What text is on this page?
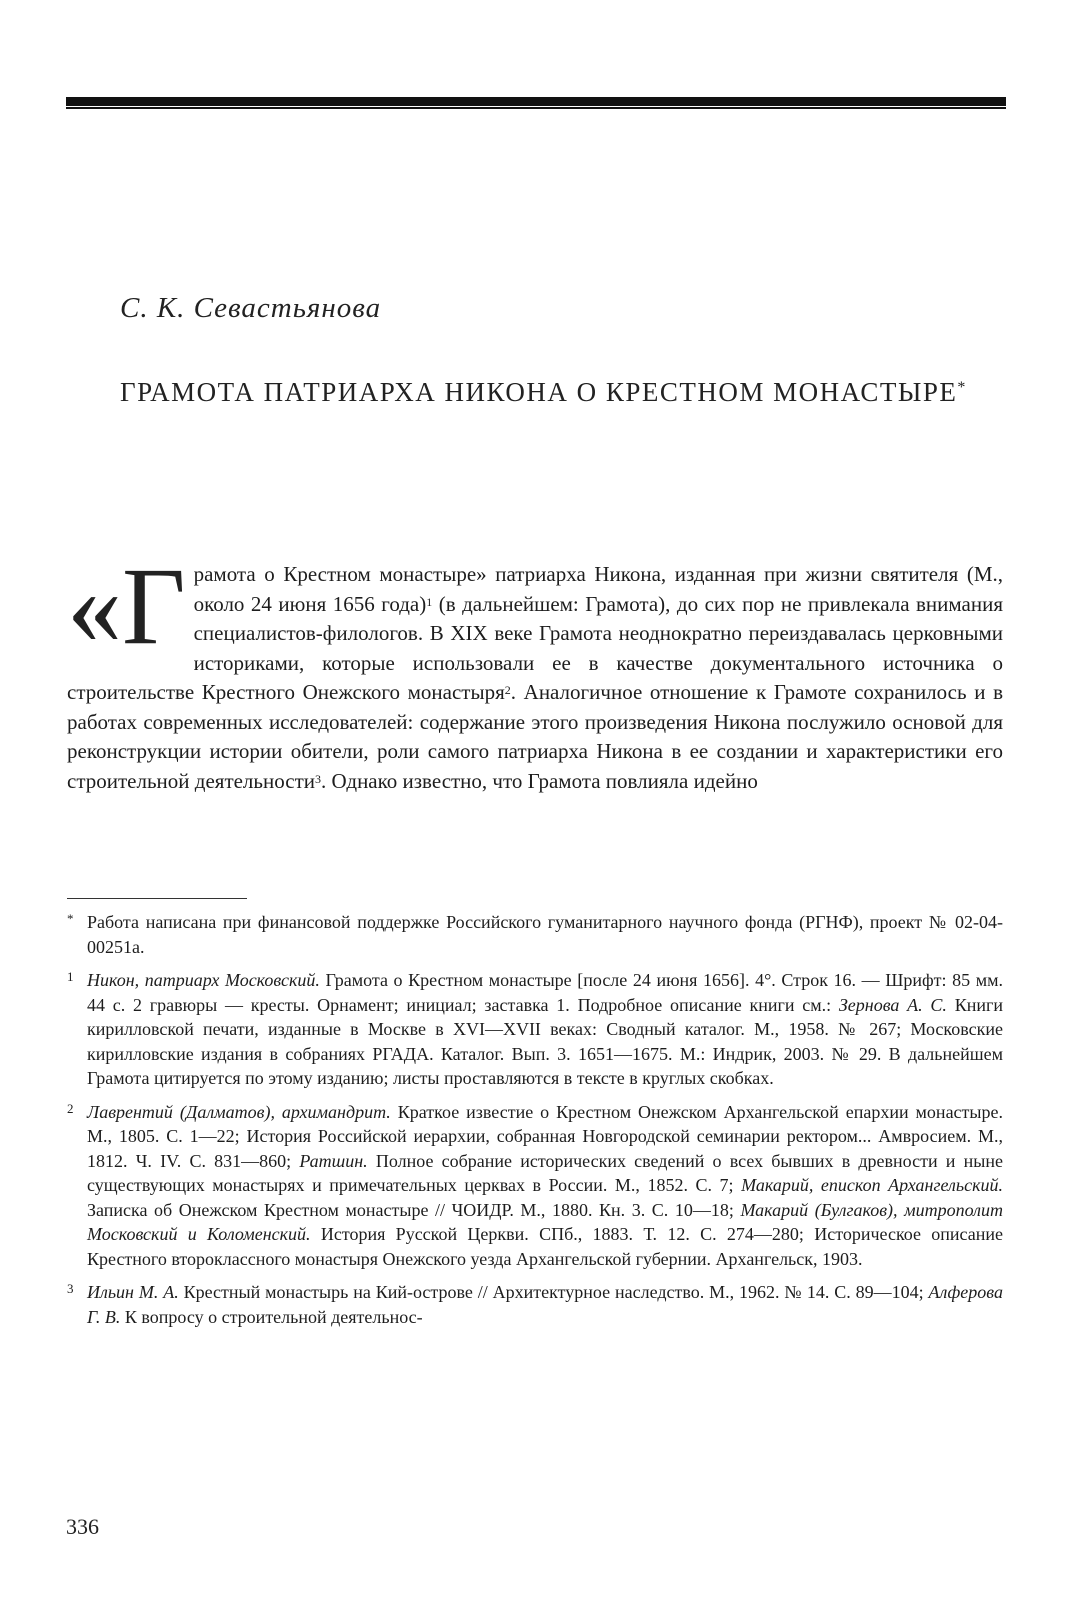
С. К. Севастьянова
ГРАМОТА ПАТРИАРХА НИКОНА О КРЕСТНОМ МОНАСТЫРЕ*
«Грамота о Крестном монастыре» патриарха Никона, изданная при жизни святителя (М., около 24 июня 1656 года)$^1$ (в дальнейшем: Грамота), до сих пор не привлекала внимания специалистов-филологов. В XIX веке Грамота неоднократно переиздавалась церковными историками, которые использовали ее в качестве документального источника о строительстве Крестного Онежского монастыря$^2$. Аналогичное отношение к Грамоте сохранилось и в работах современных исследователей: содержание этого произведения Никона послужило основой для реконструкции истории обители, роли самого патриарха Никона в ее создании и характеристики его строительной деятельности$^3$. Однако известно, что Грамота повлияла идейно
* Работа написана при финансовой поддержке Российского гуманитарного научного фонда (РГНФ), проект № 02-04-00251а.
1 Никон, патриарх Московский. Грамота о Крестном монастыре [после 24 июня 1656]. 4°. Строк 16. — Шрифт: 85 мм. 44 с. 2 гравюры — кресты. Орнамент; инициал; заставка 1. Подробное описание книги см.: Зернова А. С. Книги кирилловской печати, изданные в Москве в XVI—XVII веках: Сводный каталог. М., 1958. № 267; Московские кирилловские издания в собраниях РГАДА. Каталог. Вып. 3. 1651—1675. М.: Индрик, 2003. № 29. В дальнейшем Грамота цитируется по этому изданию; листы проставляются в тексте в круглых скобках.
2 Лаврентий (Далматов), архимандрит. Краткое известие о Крестном Онежском Архангельской епархии монастыре. М., 1805. С. 1—22; История Российской иерархии, собранная Новгородской семинарии ректором... Амвросием. М., 1812. Ч. IV. С. 831—860; Ратшин. Полное собрание исторических сведений о всех бывших в древности и ныне существующих монастырях и примечательных церквах в России. М., 1852. С. 7; Макарий, епископ Архангельский. Записка об Онежском Крестном монастыре // ЧОИДР. М., 1880. Кн. 3. С. 10—18; Макарий (Булгаков), митрополит Московский и Коломенский. История Русской Церкви. СПб., 1883. Т. 12. С. 274—280; Историческое описание Крестного второклассного монастыря Онежского уезда Архангельской губернии. Архангельск, 1903.
3 Ильин М. А. Крестный монастырь на Кий-острове // Архитектурное наследство. М., 1962. № 14. С. 89—104; Алферова Г. В. К вопросу о строительной деятельнос-
336
